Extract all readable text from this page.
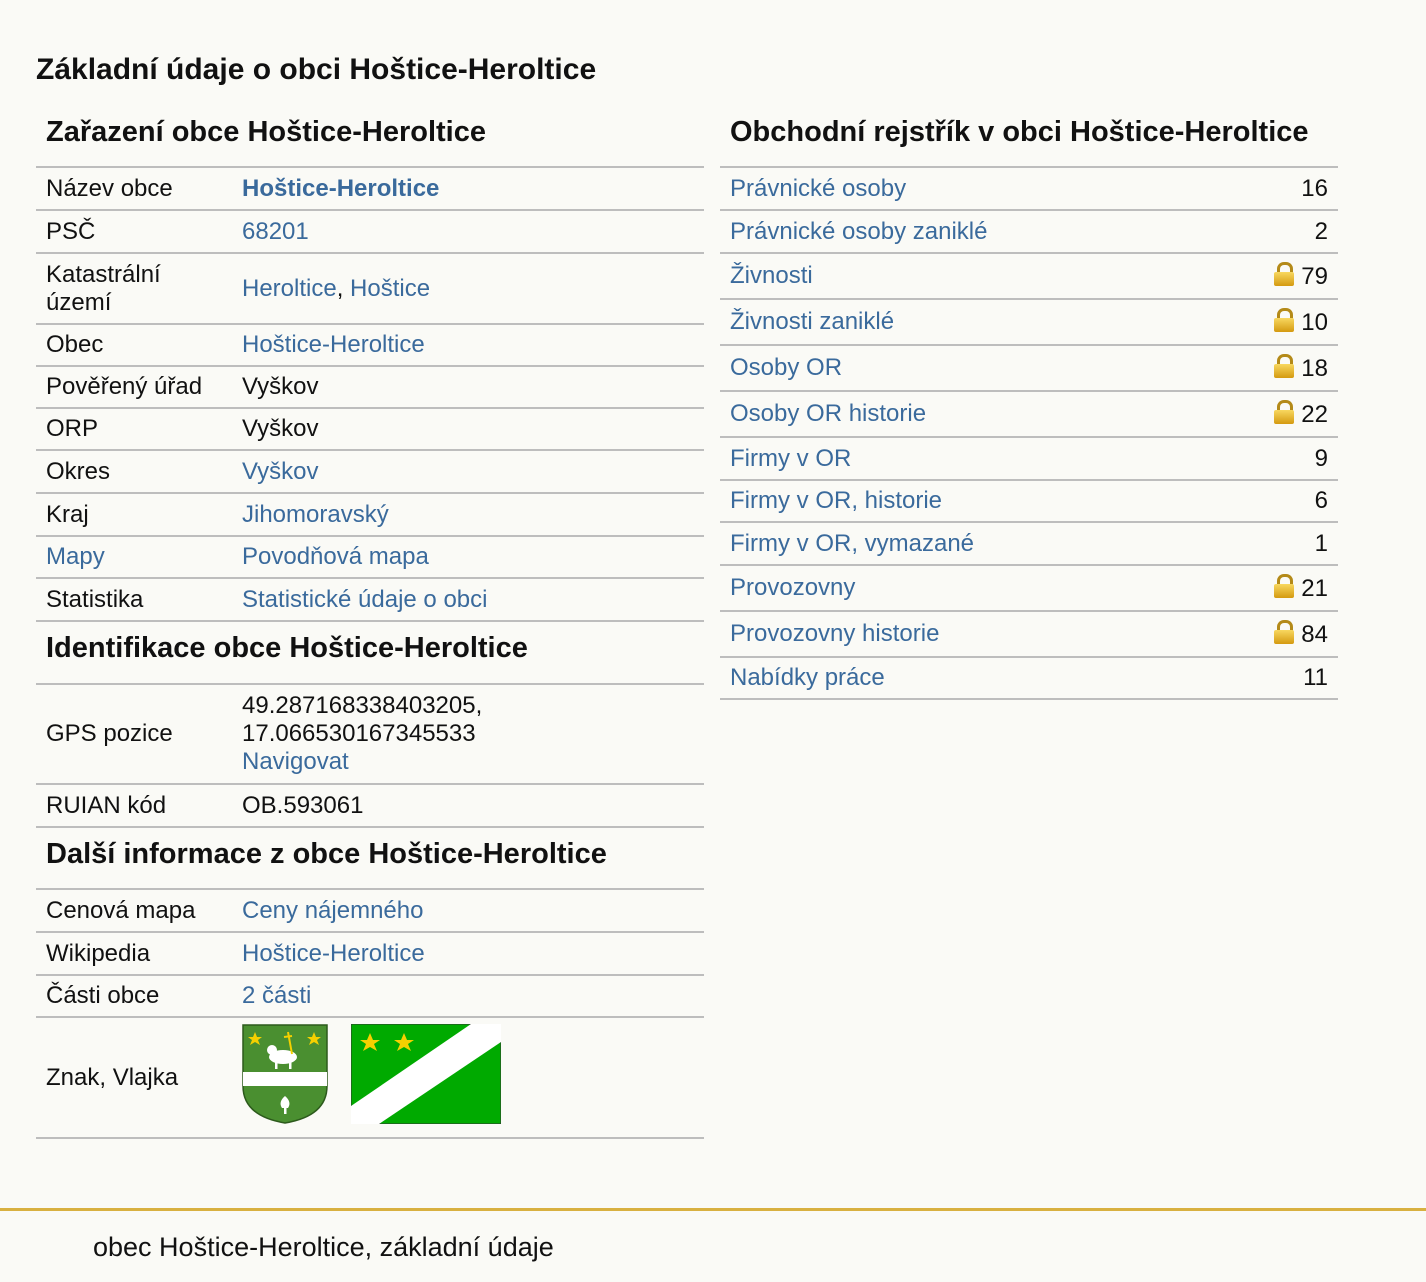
Základní údaje o obci Hoštice-Heroltice
Zařazení obce Hoštice-Heroltice
Název obce	Hoštice-Heroltice
PSČ	68201
Katastrální území	Heroltice, Hoštice
Obec	Hoštice-Heroltice
Pověřený úřad	Vyškov
ORP	Vyškov
Okres	Vyškov
Kraj	Jihomoravský
Mapy	Povodňová mapa
Statistika	Statistické údaje o obci
Identifikace obce Hoštice-Heroltice
GPS pozice	49.287168338403205,
17.066530167345533
Navigovat
RUIAN kód	OB.593061
Další informace z obce Hoštice-Heroltice
Cenová mapa	Ceny nájemného
Wikipedia	Hoštice-Heroltice
Části obce	2 části
Znak, Vlajka	
Obchodní rejstřík v obci Hoštice-Heroltice
Právnické osoby	16
Právnické osoby zaniklé	2
Živnosti	79
Živnosti zaniklé	10
Osoby OR	18
Osoby OR historie	22
Firmy v OR	9
Firmy v OR, historie	6
Firmy v OR, vymazané	1
Provozovny	21
Provozovny historie	84
Nabídky práce	11
obec Hoštice-Heroltice, základní údaje
